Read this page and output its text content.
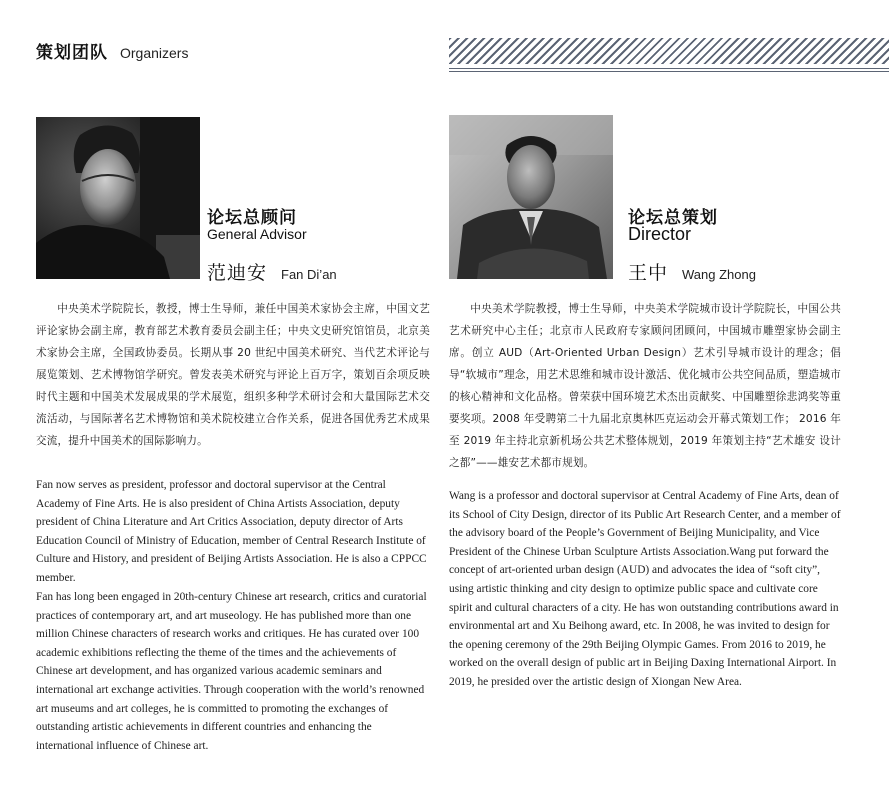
策划团队 Organizers
论坛总顾问
General Advisor
范迪安 Fan Di’an

中央美术学院院长，教授，博士生导师，兼任中国美术家协会主席，中国文艺评论家协会副主席，教育部艺术教育委员会副主任；中央文史研究馆馆员，北京美术家协会主席，全国政协委员。长期从事 20 世纪中国美术研究、当代艺术评论与展览策划、艺术博物馆学研究。曾发表美术研究与评论上百万字，策划百余项反映时代主题和中国美术发展成果的学术展览，组织多种学术研讨会和大量国际艺术交流活动，与国际著名艺术博物馆和美术院校建立合作关系，促进各国优秀艺术成果交流，提升中国美术的国际影响力。

Fan now serves as president, professor and doctoral supervisor at the Central Academy of Fine Arts. He is also president of China Artists Association, deputy president of China Literature and Art Critics Association, deputy director of Arts Education Council of Ministry of Education, member of Central Research Institute of Culture and History, and president of Beijing Artists Association. He is also a CPPCC member.

Fan has long been engaged in 20th-century Chinese art research, critics and curatorial practices of contemporary art, and art museology. He has published more than one million Chinese characters of research works and critiques. He has curated over 100 academic exhibitions reflecting the theme of the times and the achievements of Chinese art development, and has organized various academic seminars and international art exchange activities. Through cooperation with the world’s renowned art museums and art colleges, he is committed to promoting the exchanges of outstanding artistic achievements in different countries and enhancing the international influence of Chinese art.

论坛总策划
Director
王中 Wang Zhong

中央美术学院教授，博士生导师，中央美术学院城市设计学院院长，中国公共艺术研究中心主任；北京市人民政府专家顾问团顾问，中国城市雕塑家协会副主席。创立 AUD（Art-Oriented Urban Design）艺术引导城市设计的理念；倡导“软城市”理念，用艺术思维和城市设计激活、优化城市公共空间品质，塑造城市的核心精神和文化品格。曾荣获中国环境艺术杰出贡献奖、中国雕塑徐悲鸿奖等重要奖项。2008 年受聘第二十九届北京奥林匹克运动会开幕式策划工作； 2016 年至 2019 年主持北京新机场公共艺术整体规划，2019 年策划主持“艺术雄安 设计之都”——雄安艺术都市规划。

Wang is a professor and doctoral supervisor at Central Academy of Fine Arts, dean of its School of City Design, director of its Public Art Research Center, and a member of the advisory board of the People’s Government of Beijing Municipality, and Vice President of the Chinese Urban Sculpture Artists Association.Wang put forward the concept of art-oriented urban design (AUD) and advocates the idea of “soft city”, using artistic thinking and city design to optimize public space and cultivate core spirit and cultural characters of a city. He has won outstanding contributions award in environmental art and Xu Beihong award, etc. In 2008, he was invited to design for the opening ceremony of the 29th Beijing Olympic Games. From 2016 to 2019, he worked on the overall design of public art in Beijing Daxing International Airport. In 2019, he presided over the artistic design of Xiongan New Area.
